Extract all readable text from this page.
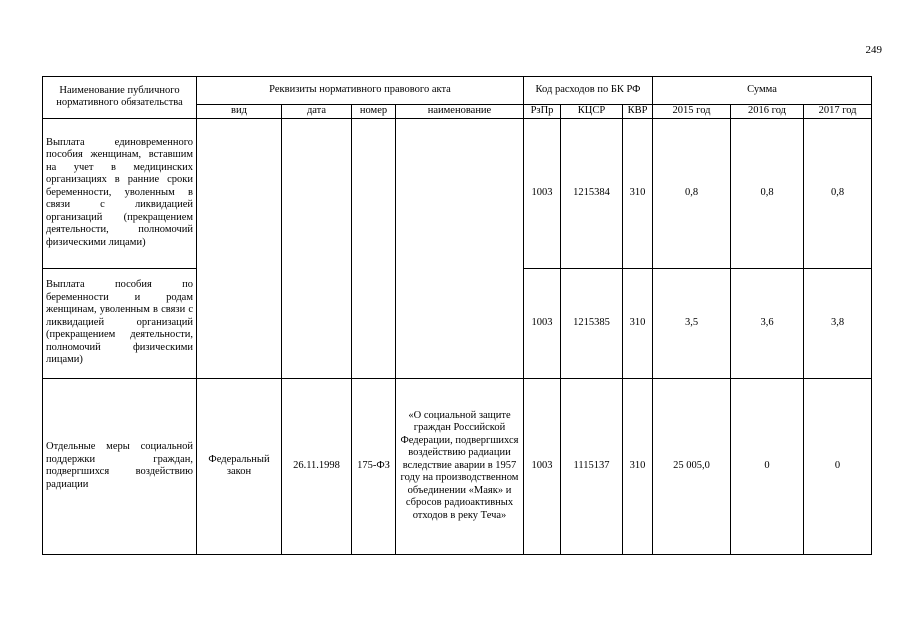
249
Наименование публичного нормативного обязательства	Реквизиты нормативного правового акта				Код расходов по БК РФ			Сумма		
	вид	дата	номер	наименование	РзПр	КЦСР	КВР	2015 год	2016 год	2017 год
Выплата единовременного пособия женщинам, вставшим на учет в медицинских организациях в ранние сроки беременности, уволенным в связи с ликвидацией организаций (прекращением деятельности, полномочий физическими лицами)					1003	1215384	310	0,8	0,8	0,8
Выплата пособия по беременности и родам женщинам, уволенным в связи с ликвидацией организаций (прекращением деятельности, полномочий физическими лицами)					1003	1215385	310	3,5	3,6	3,8
Отдельные меры социальной поддержки граждан, подвергшихся воздействию радиации	Федеральный закон	26.11.1998	175-ФЗ	«О социальной защите граждан Российской Федерации, подвергшихся воздействию радиации вследствие аварии в 1957 году на производственном объединении «Маяк» и сбросов радиоактивных отходов в реку Теча»	1003	1115137	310	25 005,0	0	0
